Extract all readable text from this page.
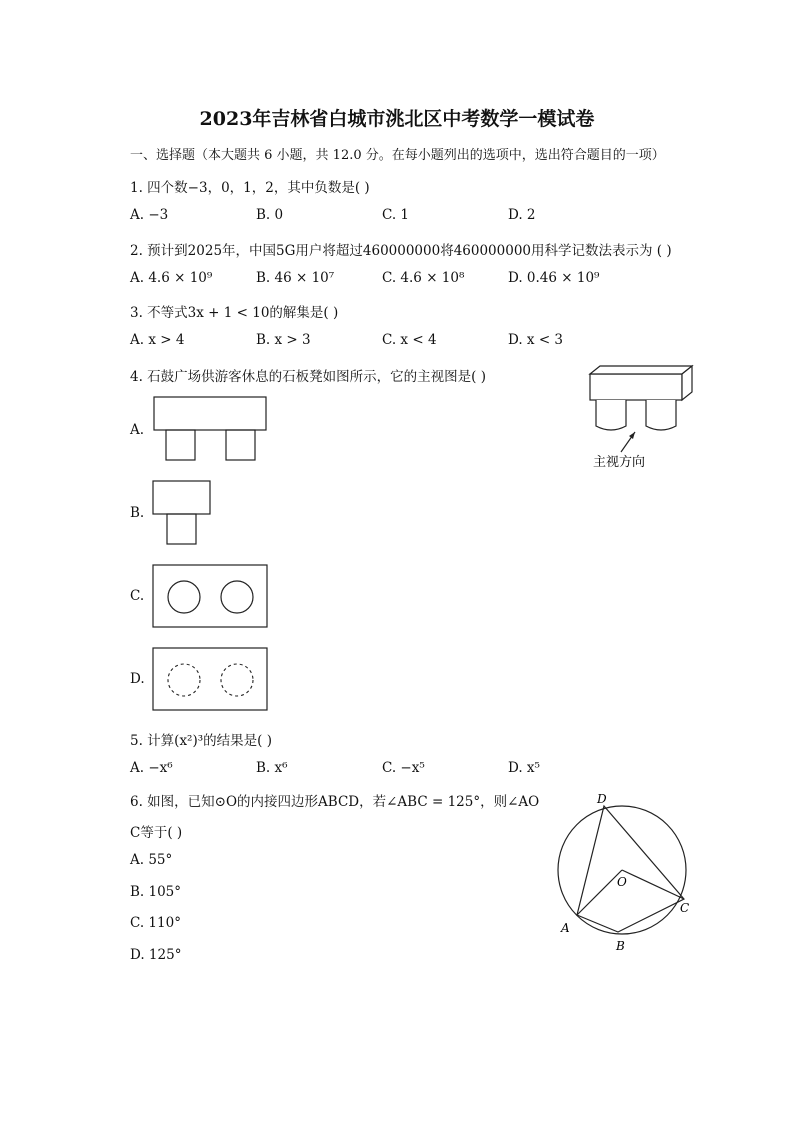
2023年吉林省白城市洮北区中考数学一模试卷
一、选择题（本大题共 6 小题，共 12.0 分。在每小题列出的选项中，选出符合题目的一项）
1. 四个数−3，0，1，2，其中负数是( )
A. −3	B. 0	C. 1	D. 2
2. 预计到2025年，中国5G用户将超过460000000将460000000用科学记数法表示为 ( )
A. 4.6 × 10⁹	B. 46 × 10⁷	C. 4.6 × 10⁸	D. 0.46 × 10⁹
3. 不等式3x + 1 < 10的解集是( )
A. x > 4	B. x > 3	C. x < 4	D. x < 3
4. 石鼓广场供游客休息的石板凳如图所示，它的主视图是( )
主视方向
A.
B.
C.
D.
5. 计算(x²)³的结果是( )
A. −x⁶	B. x⁶	C. −x⁵	D. x⁵
6. 如图，已知⊙O的内接四边形ABCD，若∠ABC = 125°，则∠AO
C等于( )
A. 55°
B. 105°
C. 110°
D. 125°
D
O
C
A
B
